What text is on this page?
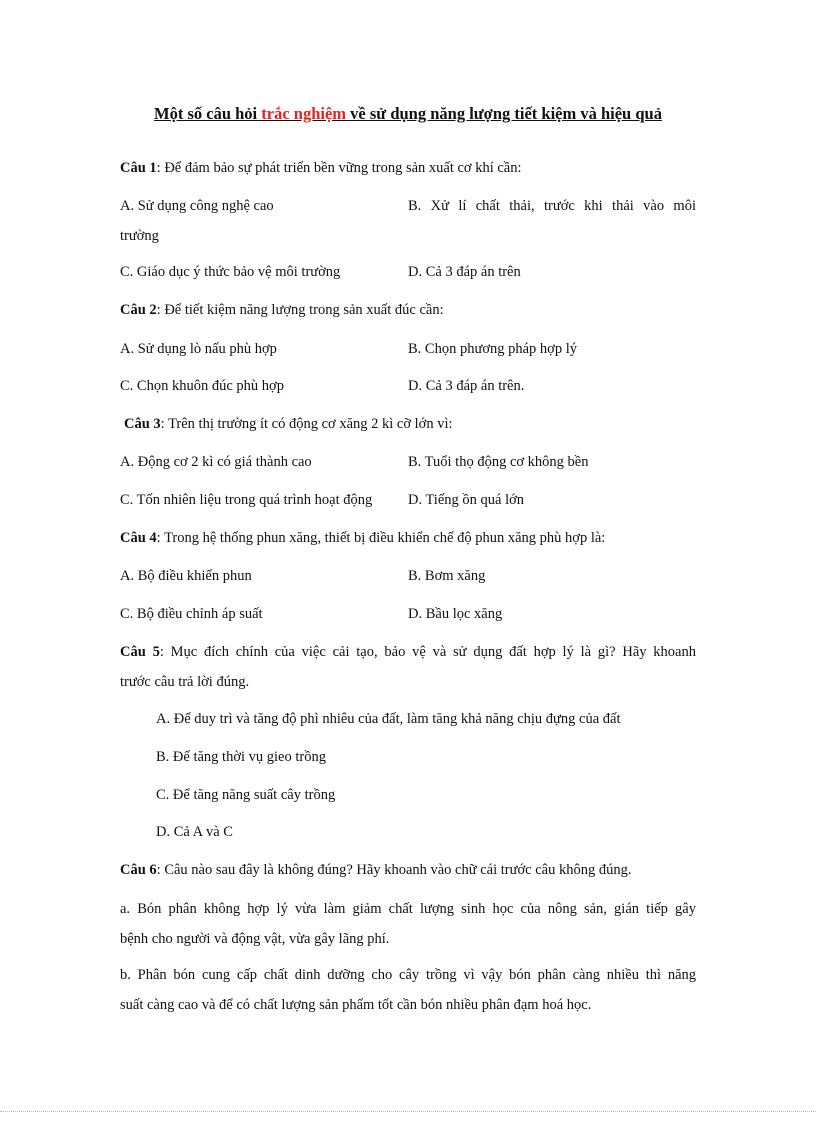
Một số câu hỏi trắc nghiệm về sử dụng năng lượng tiết kiệm và hiệu quả
Câu 1: Để đảm bảo sự phát triển bền vững trong sản xuất cơ khí cần:
A. Sử dụng công nghệ cao	B. Xử lí chất thải, trước khi thải vào môi
trường
C. Giáo dục ý thức bảo vệ môi trường	D. Cả 3 đáp án trên
Câu 2: Để tiết kiệm năng lượng trong sản xuất đúc cần:
A. Sử dụng lò nấu phù hợp	B. Chọn phương pháp hợp lý
C. Chọn khuôn đúc phù hợp	D. Cả 3 đáp án trên.
Câu 3: Trên thị trường ít có động cơ xăng 2 kì cỡ lớn vì:
A. Động cơ 2 kì có giá thành cao	B. Tuổi thọ động cơ không bền
C. Tốn nhiên liệu trong quá trình hoạt động D. Tiếng ồn quá lớn
Câu 4: Trong hệ thống phun xăng, thiết bị điều khiển chế độ phun xăng phù hợp là:
A. Bộ điều khiển phun	B. Bơm xăng
C. Bộ điều chỉnh áp suất	D. Bầu lọc xăng
Câu 5: Mục đích chính của việc cải tạo, bảo vệ và sử dụng đất hợp lý là gì? Hãy khoanh
trước câu trả lời đúng.
A. Để duy trì và tăng độ phì nhiêu của đất, làm tăng khả năng chịu đựng của đất
B. Để tăng thời vụ gieo trồng
C. Để tăng năng suất cây trồng
D. Cả A và C
Câu 6: Câu nào sau đây là không đúng? Hãy khoanh vào chữ cái trước câu không đúng.
a. Bón phân không hợp lý vừa làm giảm chất lượng sinh học của nông sản, gián tiếp gây
bệnh cho người và động vật, vừa gây lãng phí.
b. Phân bón cung cấp chất dinh dưỡng cho cây trồng vì vậy bón phân càng nhiều thì năng
suất càng cao và để có chất lượng sản phẩm tốt cần bón nhiều phân đạm hoá học.
